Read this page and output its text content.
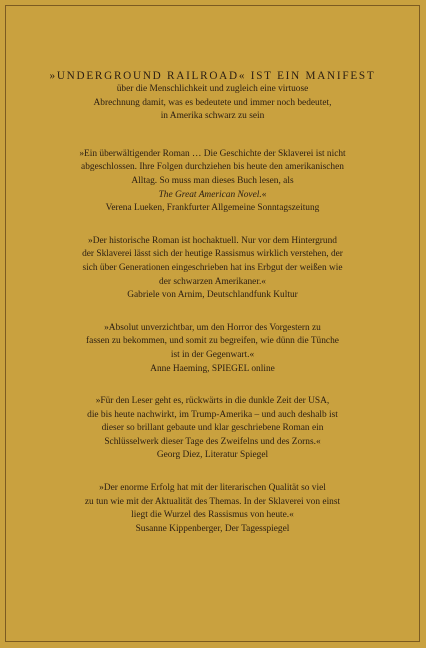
»UNDERGROUND RAILROAD« IST EIN MANIFEST

über die Menschlichkeit und zugleich eine virtuose
Abrechnung damit, was es bedeutete und immer noch bedeutet,
in Amerika schwarz zu sein
»Ein überwältigender Roman … Die Geschichte der Sklaverei ist nicht
abgeschlossen. Ihre Folgen durchziehen bis heute den amerikanischen
Alltag. So muss man dieses Buch lesen, als
The Great American Novel.«
Verena Lueken, Frankfurter Allgemeine Sonntagszeitung
»Der historische Roman ist hochaktuell. Nur vor dem Hintergrund
der Sklaverei lässt sich der heutige Rassismus wirklich verstehen, der
sich über Generationen eingeschrieben hat ins Erbgut der weißen wie
der schwarzen Amerikaner.«
Gabriele von Arnim, Deutschlandfunk Kultur
»Absolut unverzichtbar, um den Horror des Vorgestern zu
fassen zu bekommen, und somit zu begreifen, wie dünn die Tünche
ist in der Gegenwart.«
Anne Haeming, SPIEGEL online
»Für den Leser geht es, rückwärts in die dunkle Zeit der USA,
die bis heute nachwirkt, im Trump-Amerika – und auch deshalb ist
dieser so brillant gebaute und klar geschriebene Roman ein
Schlüsselwerk dieser Tage des Zweifelns und des Zorns.«
Georg Diez, Literatur Spiegel
»Der enorme Erfolg hat mit der literarischen Qualität so viel
zu tun wie mit der Aktualität des Themas. In der Sklaverei von einst
liegt die Wurzel des Rassismus von heute.«
Susanne Kippenberger, Der Tagesspiegel
